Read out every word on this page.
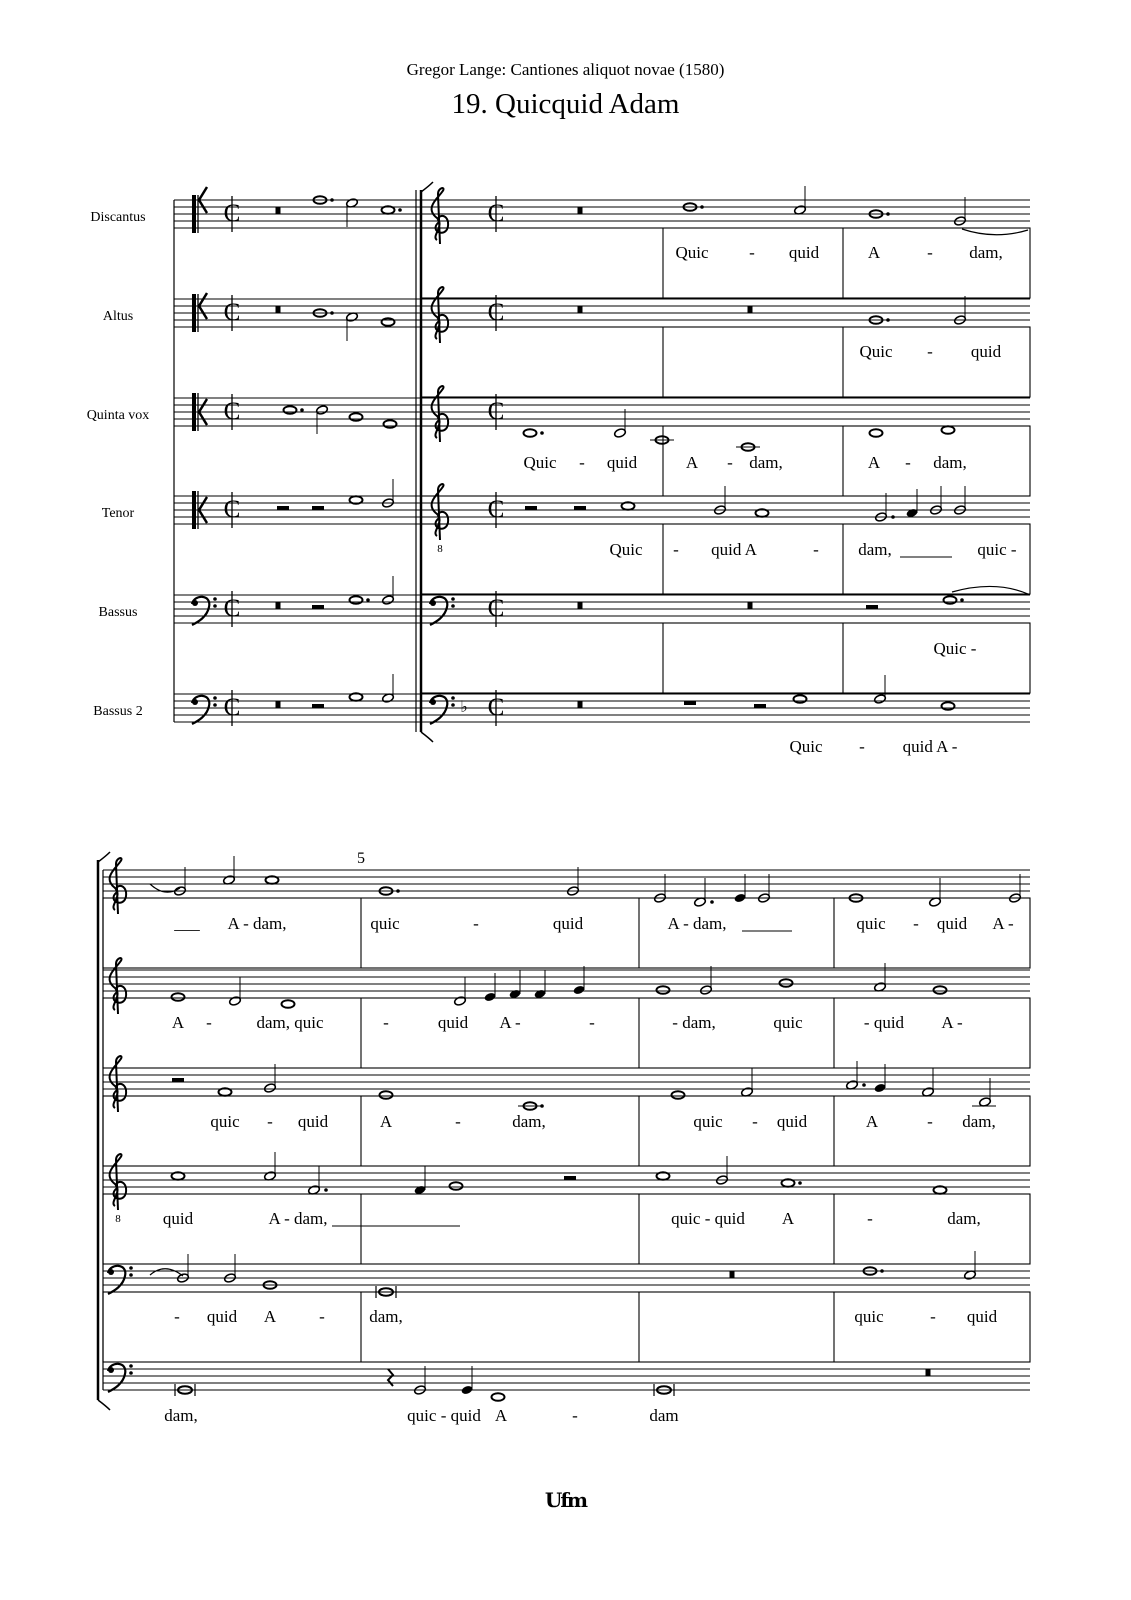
Gregor Lange: Cantiones aliquot novae (1580)
19. Quicquid Adam
Discantus	C	C
Altus	C	C
Quinta vox	C	C
Tenor	C
8
C
Bassus	C	C
Bassus 2	C	C
♭
Quic - quid	A	- dam,
Quic - quid
Quic - quid	A - dam,	A - dam,
Quic - quid A	- dam,	quic -
Quic -
Quic - quid A -
8
5
___ A - dam,	quic	-	quid	A - dam,	quic - quid A -
A -	dam, quic	-	quid A -	-	- dam,	quic	- quid A -
quic - quid	A	-	dam,	quic - quid	A	- dam,
quid	A - dam,	quic - quid A	-	dam,
- quid A	-	dam,	quic	- quid
dam,	quic - quid A	-	dam
Ufm
